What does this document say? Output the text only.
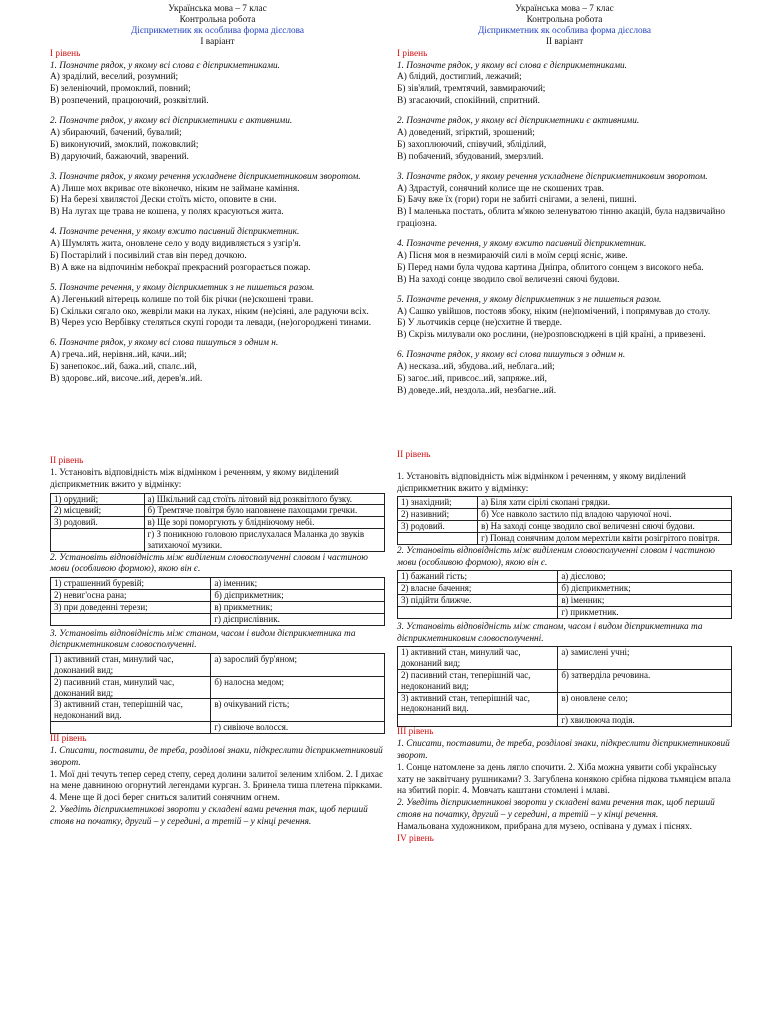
Українська мова – 7 клас

Контрольна робота

Дієприкметник як особлива форма дієслова

І варіант

І рівень

1. Позначте рядок, у якому всі слова є дієприкметниками.

А) зраділий, веселий, розумний;

Б) зеленіючий, промоклий, повний;

В) розпечений, працюючий, розквітлий.

2. Позначте рядок, у якому всі дієприкметники є активними.

А) збираючий, бачений, бувалий;

Б) виконуючий, змоклий, пожовклий;

В) даруючий, бажаючий, зварений.

3. Позначте рядок, у якому речення ускладнене дієприкметниковим зворотом.

А) Лише мох вкриває оте віконечко, ніким не займане каміння.

Б) На березі хвилястої Дески стоїть місто, оповите в сни.

В) На лугах ще трава не кошена, у полях красуються жита.

4. Позначте речення, у якому вжито пасивний дієприкметник.

А) Шумлять жита, оновлене село у воду видивляється з узгір'я.

Б) Постарілий і посивілий став він перед дочкою.

В) А вже на відпочинім небокраї прекрасний розгорається пожар.

5. Позначте речення, у якому дієприкметник з не пишеться разом.

А) Легенький вітерець колише по той бік річки (не)скошені трави.

Б) Скільки сягало око, жевріли маки на луках, ніким (не)сіяні, але радуючи всіх.

В) Через усю Вербівку стеляться скупі городи та левади, (не)огороджені тинами.

6. Позначте рядок, у якому всі слова пишуться з одним н.

А) греча..ий, нерівня..ий, качи..ий;

Б) занепокоє..ий, бажа..ий, спалє..ий,

В) здоровє..ий, височе..ий, дерев'я..ий.

ІІ рівень

1. Установіть відповідність між відмінком і реченням, у якому виділений дієприкметник вжито у відмінку:

1) орудний;	а) Шкільний сад стоїть літовий від розквітлого бузку.
2) місцевий;	б) Тремтяче повітря було наповнене пахощами гречки.
3) родовий.	в) Ще зорі поморгують у блідніючому небі.
	г) З поникною головою прислухалася Маланка до звуків затихаючої музики.

2. Установіть відповідність між виділеним словосполученні словом і частиною мови (особливою формою), якою він є.

1) страшенний буревій;	а) іменник;
2) невиг'осна рана;	б) дієприкметник;
3) при доведенні терези;	в) прикметник;
	г) дієприслівник.

3. Установіть відповідність між станом, часом і видом дієприкметника та дієприкметниковим словосполученні.

1) активний стан, минулий час, доконаний вид;	а) зарослий бур'яном;
2) пасивний стан, минулий час, доконаний вид;	б) налосна медом;
3) активний стан, теперішній час, недоконаний вид.	в) очікуваний гість;
	г) сивіюче волосся.

ІІІ рівень

1. Списати, поставити, де треба, розділові знаки, підкреслити дієприкметниковий зворот.

1. Мої дні течуть тепер серед степу, серед долини залитої зеленим хлібом. 2. І дихає на мене давниною огорнутий легендами курган. 3. Бринела тиша плетена піркками. 4. Мене ще й досі берег сниться залитий сонячним огнем.

2. Уведіть дієприкметникові звороти у складені вами речення так, щоб перший стояв на початку, другий – у середині, а третій – у кінці речення.

Українська мова – 7 клас

Контрольна робота

Дієприкметник як особлива форма дієслова

ІІ варіант

І рівень

1. Позначте рядок, у якому всі слова є дієприкметниками.

А) блідий, достиглий, лежачий;

Б) зів'ялий, тремтячий, завмираючий;

В) згасаючий, спокійний, спритний.

2. Позначте рядок, у якому всі дієприкметники є активними.

А) доведений, згірктий, зрошений;

Б) захоплюючий, співучий, збліділий,

В) побачений, збудований, змерзлий.

3. Позначте рядок, у якому речення ускладнене дієприкметниковим зворотом.

А) Здрастуй, сонячний колисе ще не скошених трав.

Б) Бачу вже їх (гори) гори не забиті снігами, а зелені, пишні.

В) І маленька постать, облита м'якою зеленуватою тінню акацій, була надзвичайно грацiозна.

4. Позначте речення, у якому вжито пасивний дієприкметник.

А) Пісня моя в незмираючій силі в моїм серці ясніє, живе.

Б) Перед нами була чудова картина Дніпра, облитого сонцем з високого неба.

В) На заході сонце зводило свої величезні сяючі будови.

5. Позначте речення, у якому дієприкметник з не пишеться разом.

А) Сашко увійшов, постояв збоку, ніким (не)помічений, і попрямував до столу.

Б) У льотчиків серце (не)схитне й тверде.

В) Скрізь милували око рослини, (не)розповсюджені в цій країні, а привезені.

6. Позначте рядок, у якому всі слова пишуться з одним н.

А) несказа..ий, збудова..ий, неблага..ий;

Б) загоє..ий, привсоє..ий, запряже..ий,

В) доведе..ий, нездола..ий, незбагне..ий.

ІІ рівень

1. Установіть відповідність між відмінком і реченням, у якому виділений дієприкметник вжито у відмінку:

1) знахідний;	а) Біля хати сірілі скопані грядки.
2) називний;	б) Усе навколо застило під владою чаруючої ночі.
3) родовий.	в) На заході сонце зводило свої величезні сяючі будови.
	г) Понад сонячним долом мерехтіли квіти розігрітого повітря.

2. Установіть відповідність між виділеним словосполученні словом і частиною мови (особливою формою), якою він є.

1) бажаний гість;	а) дієслово;
2) власне бачення;	б) дієприкметник;
3) підійти ближче.	в) іменник;
	г) прикметник.

3. Установіть відповідність між станом, часом і видом дієприкметника та дієприкметниковим словосполученні.

1) активний стан, минулий час, доконаний вид;	а) замислені учні;
2) пасивний стан, теперішній час, недоконаний вид;	б) затверділа речовина.
3) активний стан, теперішній час, недоконаний вид.	в) оновлене село;
	г) хвилююча подія.

ІІІ рівень

1. Списати, поставити, де треба, розділові знаки, підкреслити дієприкметниковий зворот.

1. Сонце натомлене за день лягло спочити. 2. Хіба можна уявити собі українську хату не заквітчану рушниками? 3. Загублена конякою срібна підкова тьмяцієм впала на збитий поріг. 4. Мовчать каштани стомлені і млаві.

2. Уведіть дієприкметникові звороти у складені вами речення так, щоб перший стояв на початку, другий – у середині, а третій – у кінці речення.

Намальована художником, прибрана для музею, оспівана у думах і піснях.

ІV рівень
